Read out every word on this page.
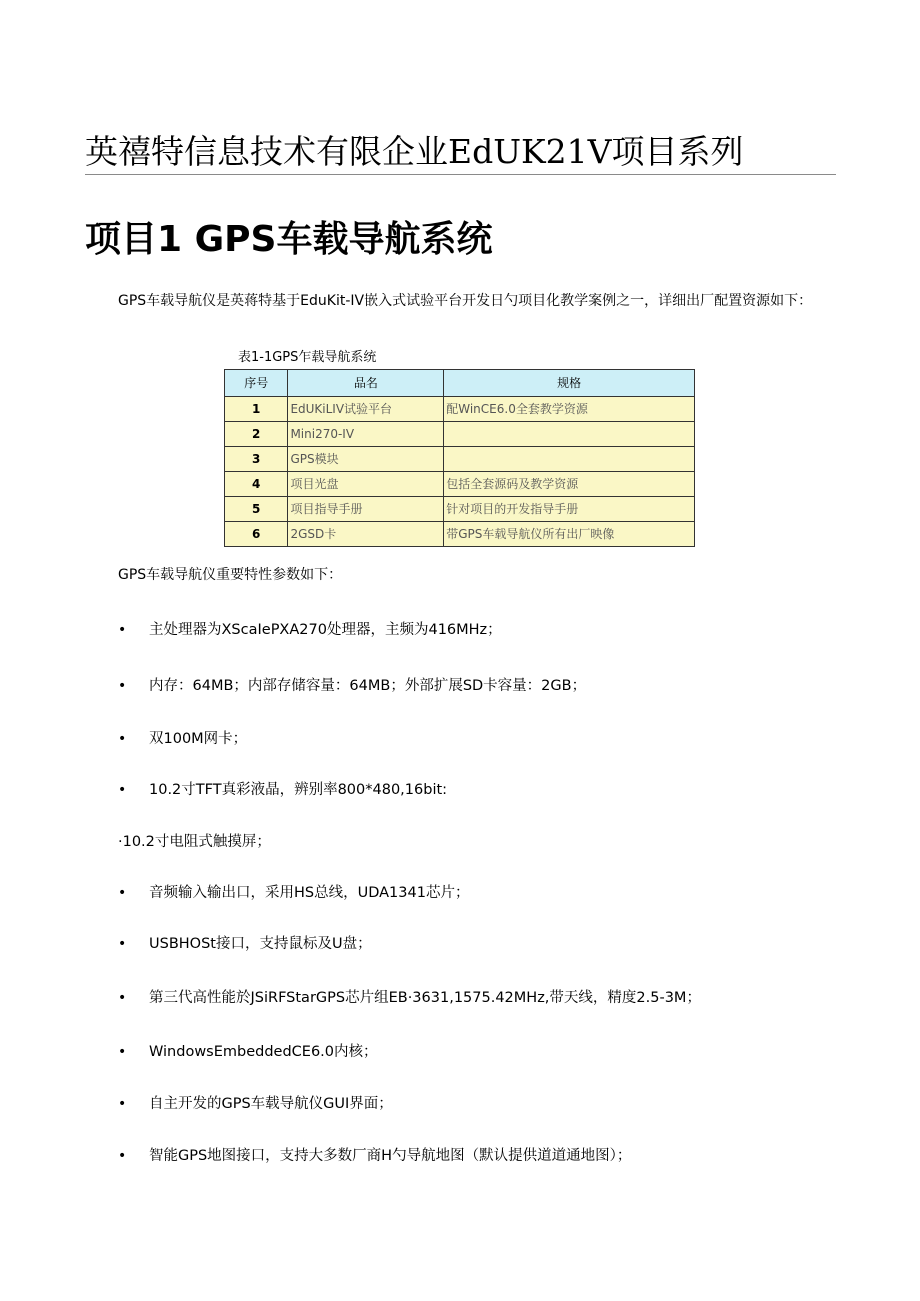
英禧特信息技术有限企业EdUK21V项目系列
项目1 GPS车载导航系统
GPS车载导航仪是英蒋特基于EduKit-IV嵌入式试验平台开发日勺项目化教学案例之一，详细出厂配置资源如下：
表1-1GPS乍载导航系统
序号	品名	规格
1	EdUKiLIV试验平台	配WinCE6.0全套教学资源
2	Mini270-IV	
3	GPS模块	
4	项目光盘	包括全套源码及教学资源
5	项目指导手册	针对项目的开发指导手册
6	2GSD卡	带GPS车载导航仪所有出厂映像
GPS车载导航仪重要特性参数如下：
• 主处理器为XScaIePXA270处理器，主频为416MHz；
• 内存：64MB；内部存储容量：64MB；外部扩展SD卡容量：2GB；
• 双100M网卡；
• 10.2寸TFT真彩液晶，辨别率800*480,16bit:
·10.2寸电阻式触摸屏；
• 音频输入输出口，采用HS总线，UDA1341芯片；
• USBHOSt接口，支持鼠标及U盘；
• 第三代高性能於JSiRFStarGPS芯片组EB·3631,1575.42MHz,带天线，精度2.5-3M；
• WindowsEmbeddedCE6.0内核；
• 自主开发的GPS车载导航仪GUI界面；
• 智能GPS地图接口，支持大多数厂商H勺导航地图（默认提供道道通地图）；
